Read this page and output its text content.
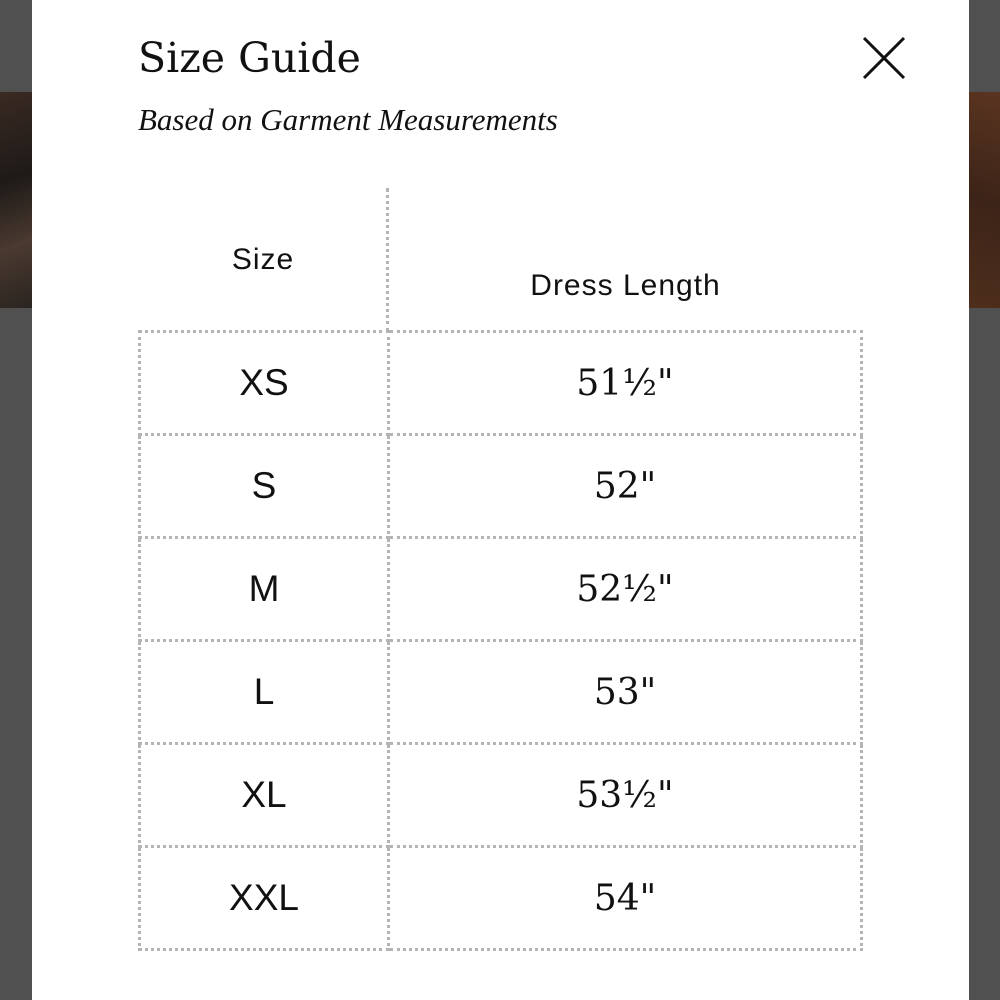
Size Guide

Based on Garment Measurements

Size
Dress Length
XS	51½"
S	52"
M	52½"
L	53"
XL	53½"
XXL	54"
